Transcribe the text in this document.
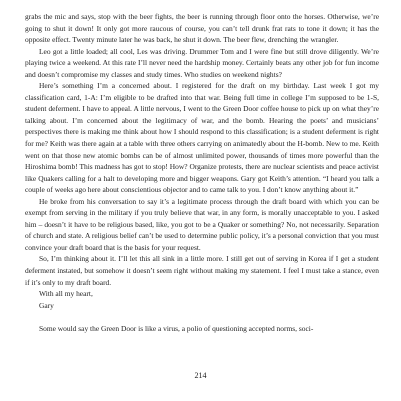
grabs the mic and says, stop with the beer fights, the beer is running through floor onto the horses. Otherwise, we’re going to shut it down! It only got more raucous of course, you can’t tell drunk frat rats to tone it down; it has the opposite effect. Twenty minute later he was back, he shut it down. The beer flew, drenching the wrangler.

Leo got a little loaded; all cool, Les was driving. Drummer Tom and I were fine but still drove diligently. We’re playing twice a weekend. At this rate I’ll never need the hardship money. Certainly beats any other job for fun income and doesn’t compromise my classes and study times. Who studies on weekend nights?

Here’s something I’m a concerned about. I registered for the draft on my birthday. Last week I got my classification card, 1-A: I’m eligible to be drafted into that war. Being full time in college I’m supposed to be 1-S, student deferment. I have to appeal. A little nervous, I went to the Green Door coffee house to pick up on what they’re talking about. I’m concerned about the legitimacy of war, and the bomb. Hearing the poets’ and musicians’ perspectives there is making me think about how I should respond to this classification; is a student deferment is right for me? Keith was there again at a table with three others carrying on animatedly about the H-bomb. New to me. Keith went on that those new atomic bombs can be of almost unlimited power, thousands of times more powerful than the Hiroshima bomb! This madness has got to stop! How? Organize protests, there are nuclear scientists and peace activist like Quakers calling for a halt to developing more and bigger weapons. Gary got Keith’s attention. “I heard you talk a couple of weeks ago here about conscientious objector and to came talk to you. I don’t know anything about it.”

He broke from his conversation to say it’s a legitimate process through the draft board with which you can be exempt from serving in the military if you truly believe that war, in any form, is morally unacceptable to you. I asked him – doesn’t it have to be religious based, like, you got to be a Quaker or something? No, not necessarily. Separation of church and state. A religious belief can’t be used to determine public policy, it’s a personal conviction that you must convince your draft board that is the basis for your request.

So, I’m thinking about it. I’ll let this all sink in a little more. I still get out of serving in Korea if I get a student deferment instated, but somehow it doesn’t seem right without making my statement. I feel I must take a stance, even if it’s only to my draft board.

With all my heart,

Gary

Some would say the Green Door is like a virus, a polio of questioning accepted norms, soci-

214
